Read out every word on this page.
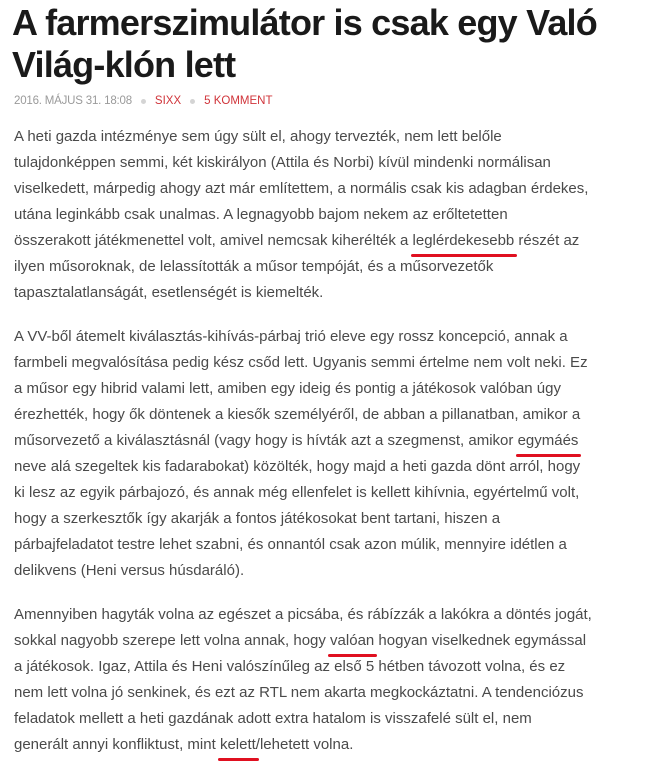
A farmerszimulátor is csak egy Való Világ-klón lett
2016. MÁJUS 31. 18:08 SIXX 5 KOMMENT

A heti gazda intézménye sem úgy sült el, ahogy tervezték, nem lett belőle
tulajdonképpen semmi, két kiskirályon (Attila és Norbi) kívül mindenki normálisan
viselkedett, márpedig ahogy azt már említettem, a normális csak kis adagban érdekes,
utána leginkább csak unalmas. A legnagyobb bajom nekem az erőltetetten
összerakott játékmenettel volt, amivel nemcsak kiherélték a leglérdekesebb részét az
ilyen műsoroknak, de lelassították a műsor tempóját, és a műsorvezetők
tapasztalatlanságát, esetlenségét is kiemelték.

A VV-ből átemelt kiválasztás-kihívás-párbaj trió eleve egy rossz koncepció, annak a
farmbeli megvalósítása pedig kész csőd lett. Ugyanis semmi értelme nem volt neki. Ez
a műsor egy hibrid valami lett, amiben egy ideig és pontig a játékosok valóban úgy
érezhették, hogy ők döntenek a kiesők személyéről, de abban a pillanatban, amikor a
műsorvezető a kiválasztásnál (vagy hogy is hívták azt a szegmenst, amikor egymáés
neve alá szegeltek kis fadarabokat) közölték, hogy majd a heti gazda dönt arról, hogy
ki lesz az egyik párbajozó, és annak még ellenfelet is kellett kihívnia, egyértelmű volt,
hogy a szerkesztők így akarják a fontos játékosokat bent tartani, hiszen a
párbajfeladatot testre lehet szabni, és onnantól csak azon múlik, mennyire idétlen a
delikvens (Heni versus húsdaráló).

Amennyiben hagyták volna az egészet a picsába, és rábízzák a lakókra a döntés jogát,
sokkal nagyobb szerepe lett volna annak, hogy valóan hogyan viselkednek egymással
a játékosok. Igaz, Attila és Heni valószínűleg az első 5 hétben távozott volna, és ez
nem lett volna jó senkinek, és ezt az RTL nem akarta megkockáztatni. A tendenciózus
feladatok mellett a heti gazdának adott extra hatalom is visszafelé sült el, nem
generált annyi konfliktust, mint kelett/lehetett volna.
